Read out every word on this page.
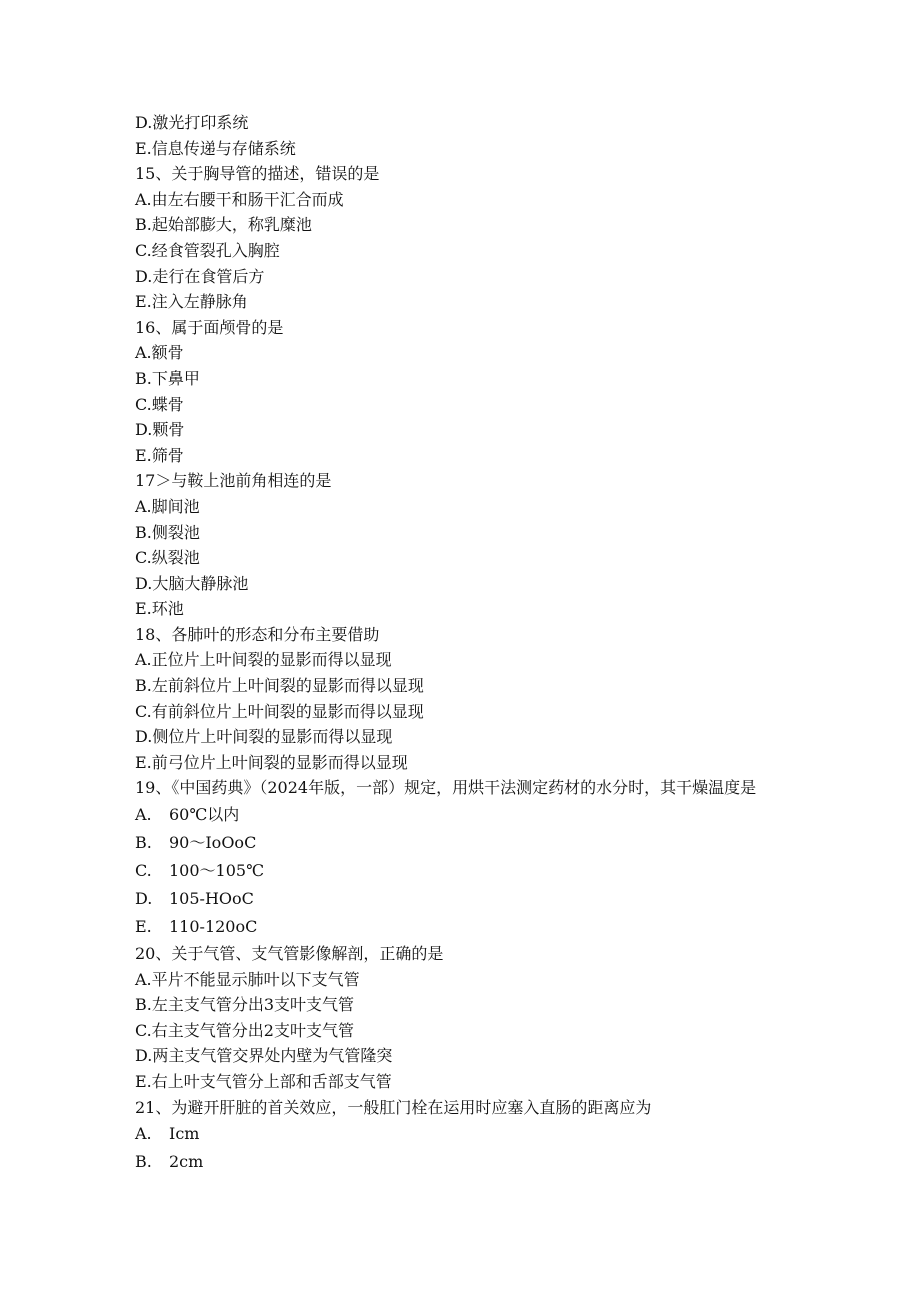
D.激光打印系统
E.信息传递与存储系统
15、关于胸导管的描述，错误的是
A.由左右腰干和肠干汇合而成
B.起始部膨大，称乳糜池
C.经食管裂孔入胸腔
D.走行在食管后方
E.注入左静脉角
16、属于面颅骨的是
A.额骨
B.下鼻甲
C.蝶骨
D.颗骨
E.筛骨
17＞与鞍上池前角相连的是
A.脚间池
B.侧裂池
C.纵裂池
D.大脑大静脉池
E.环池
18、各肺叶的形态和分布主要借助
A.正位片上叶间裂的显影而得以显现
B.左前斜位片上叶间裂的显影而得以显现
C.有前斜位片上叶间裂的显影而得以显现
D.侧位片上叶间裂的显影而得以显现
E.前弓位片上叶间裂的显影而得以显现
19、《中国药典》（2024年版，一部）规定，用烘干法测定药材的水分时，其干燥温度是
A. 60℃以内
B. 90～IoOoC
C. 100～105℃
D. 105-HOoC
E. 110-120oC
20、关于气管、支气管影像解剖，正确的是
A.平片不能显示肺叶以下支气管
B.左主支气管分出3支叶支气管
C.右主支气管分出2支叶支气管
D.两主支气管交界处内壁为气管隆突
E.右上叶支气管分上部和舌部支气管
21、为避开肝脏的首关效应，一般肛门栓在运用时应塞入直肠的距离应为
A. Icm
B. 2cm
